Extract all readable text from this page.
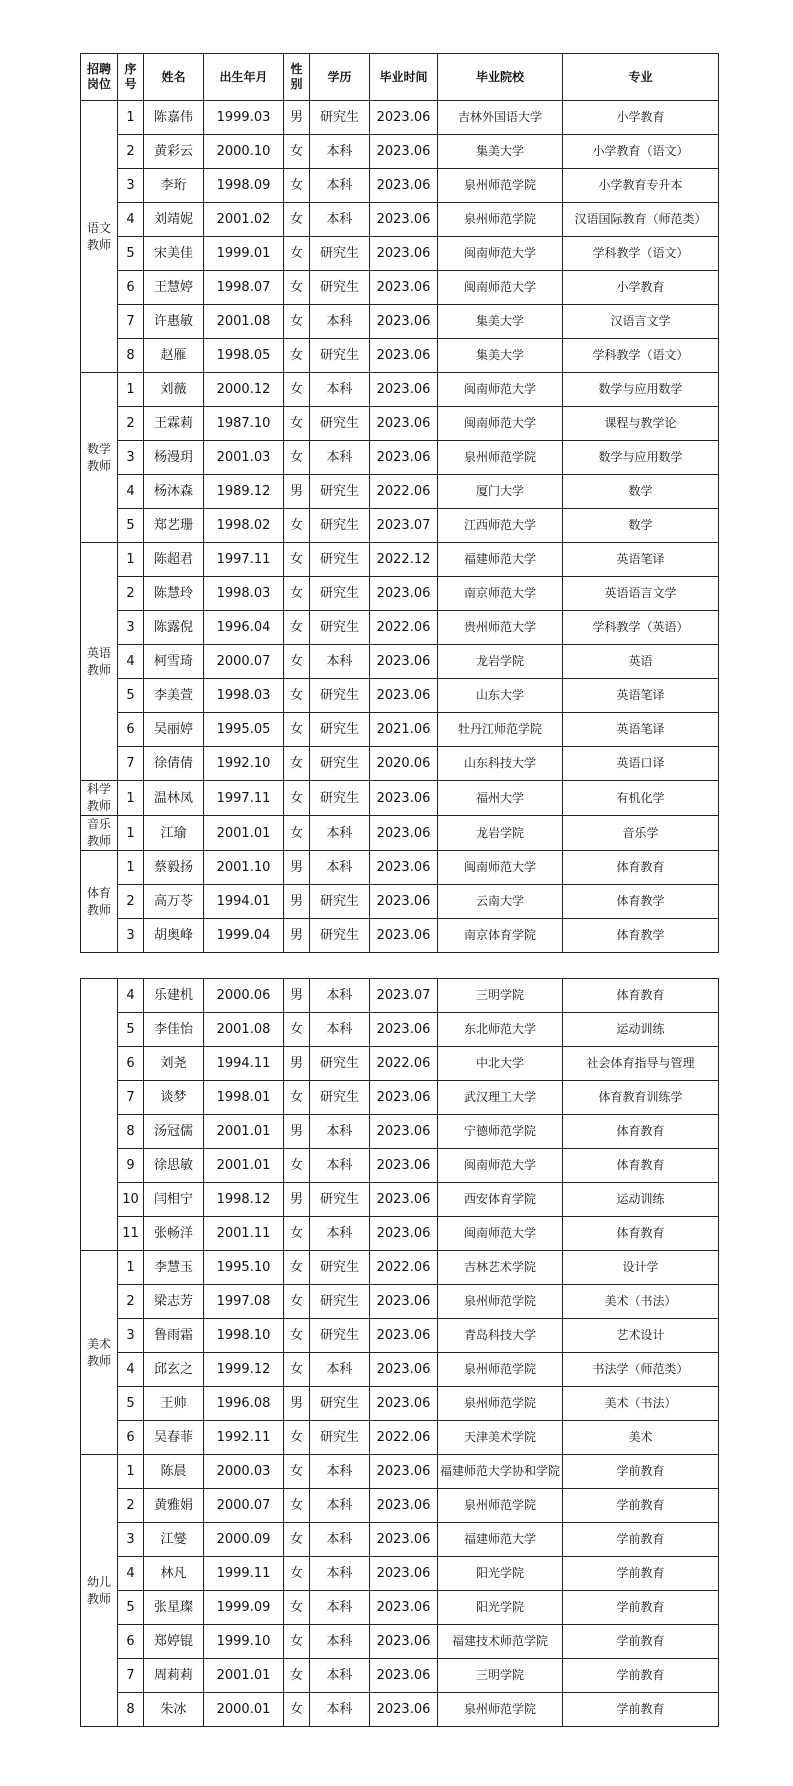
招聘岗位	序号	姓名	出生年月	性别	学历	毕业时间	毕业院校	专业
语文教师	1	陈嘉伟	1999.03	男	研究生	2023.06	吉林外国语大学	小学教育
	2	黄彩云	2000.10	女	本科	2023.06	集美大学	小学教育（语文）
	3	李珩	1998.09	女	本科	2023.06	泉州师范学院	小学教育专升本
	4	刘靖妮	2001.02	女	本科	2023.06	泉州师范学院	汉语国际教育（师范类）
	5	宋美佳	1999.01	女	研究生	2023.06	闽南师范大学	学科教学（语文）
	6	王慧婷	1998.07	女	研究生	2023.06	闽南师范大学	小学教育
	7	许惠敏	2001.08	女	本科	2023.06	集美大学	汉语言文学
	8	赵雁	1998.05	女	研究生	2023.06	集美大学	学科教学（语文）
数学教师	1	刘薇	2000.12	女	本科	2023.06	闽南师范大学	数学与应用数学
	2	王霖莉	1987.10	女	研究生	2023.06	闽南师范大学	课程与教学论
	3	杨漫玥	2001.03	女	本科	2023.06	泉州师范学院	数学与应用数学
	4	杨沐森	1989.12	男	研究生	2022.06	厦门大学	数学
	5	郑艺珊	1998.02	女	研究生	2023.07	江西师范大学	数学
英语教师	1	陈超君	1997.11	女	研究生	2022.12	福建师范大学	英语笔译
	2	陈慧玲	1998.03	女	研究生	2023.06	南京师范大学	英语语言文学
	3	陈露倪	1996.04	女	研究生	2022.06	贵州师范大学	学科教学（英语）
	4	柯雪琦	2000.07	女	本科	2023.06	龙岩学院	英语
	5	李美萱	1998.03	女	研究生	2023.06	山东大学	英语笔译
	6	吴丽婷	1995.05	女	研究生	2021.06	牡丹江师范学院	英语笔译
	7	徐倩倩	1992.10	女	研究生	2020.06	山东科技大学	英语口译
科学教师	1	温林凤	1997.11	女	研究生	2023.06	福州大学	有机化学
音乐教师	1	江瑜	2001.01	女	本科	2023.06	龙岩学院	音乐学
体育教师	1	蔡毅扬	2001.10	男	本科	2023.06	闽南师范大学	体育教育
	2	高万苓	1994.01	男	研究生	2023.06	云南大学	体育教学
	3	胡奥峰	1999.04	男	研究生	2023.06	南京体育学院	体育教学
	4	乐建机	2000.06	男	本科	2023.07	三明学院	体育教育
	5	李佳怡	2001.08	女	本科	2023.06	东北师范大学	运动训练
	6	刘尧	1994.11	男	研究生	2022.06	中北大学	社会体育指导与管理
	7	谈梦	1998.01	女	研究生	2023.06	武汉理工大学	体育教育训练学
	8	汤冠儒	2001.01	男	本科	2023.06	宁德师范学院	体育教育
	9	徐思敏	2001.01	女	本科	2023.06	闽南师范大学	体育教育
	10	闫相宁	1998.12	男	研究生	2023.06	西安体育学院	运动训练
	11	张畅洋	2001.11	女	本科	2023.06	闽南师范大学	体育教育
美术教师	1	李慧玉	1995.10	女	研究生	2022.06	吉林艺术学院	设计学
	2	梁志芳	1997.08	女	研究生	2023.06	泉州师范学院	美术（书法）
	3	鲁雨霜	1998.10	女	研究生	2023.06	青岛科技大学	艺术设计
	4	邱玄之	1999.12	女	本科	2023.06	泉州师范学院	书法学（师范类）
	5	王帅	1996.08	男	研究生	2023.06	泉州师范学院	美术（书法）
	6	吴春菲	1992.11	女	研究生	2022.06	天津美术学院	美术
幼儿教师	1	陈晨	2000.03	女	本科	2023.06	福建师范大学协和学院	学前教育
	2	黄雅娟	2000.07	女	本科	2023.06	泉州师范学院	学前教育
	3	江燮	2000.09	女	本科	2023.06	福建师范大学	学前教育
	4	林凡	1999.11	女	本科	2023.06	阳光学院	学前教育
	5	张星璨	1999.09	女	本科	2023.06	阳光学院	学前教育
	6	郑婷锟	1999.10	女	本科	2023.06	福建技术师范学院	学前教育
	7	周莉莉	2001.01	女	本科	2023.06	三明学院	学前教育
	8	朱冰	2000.01	女	本科	2023.06	泉州师范学院	学前教育
